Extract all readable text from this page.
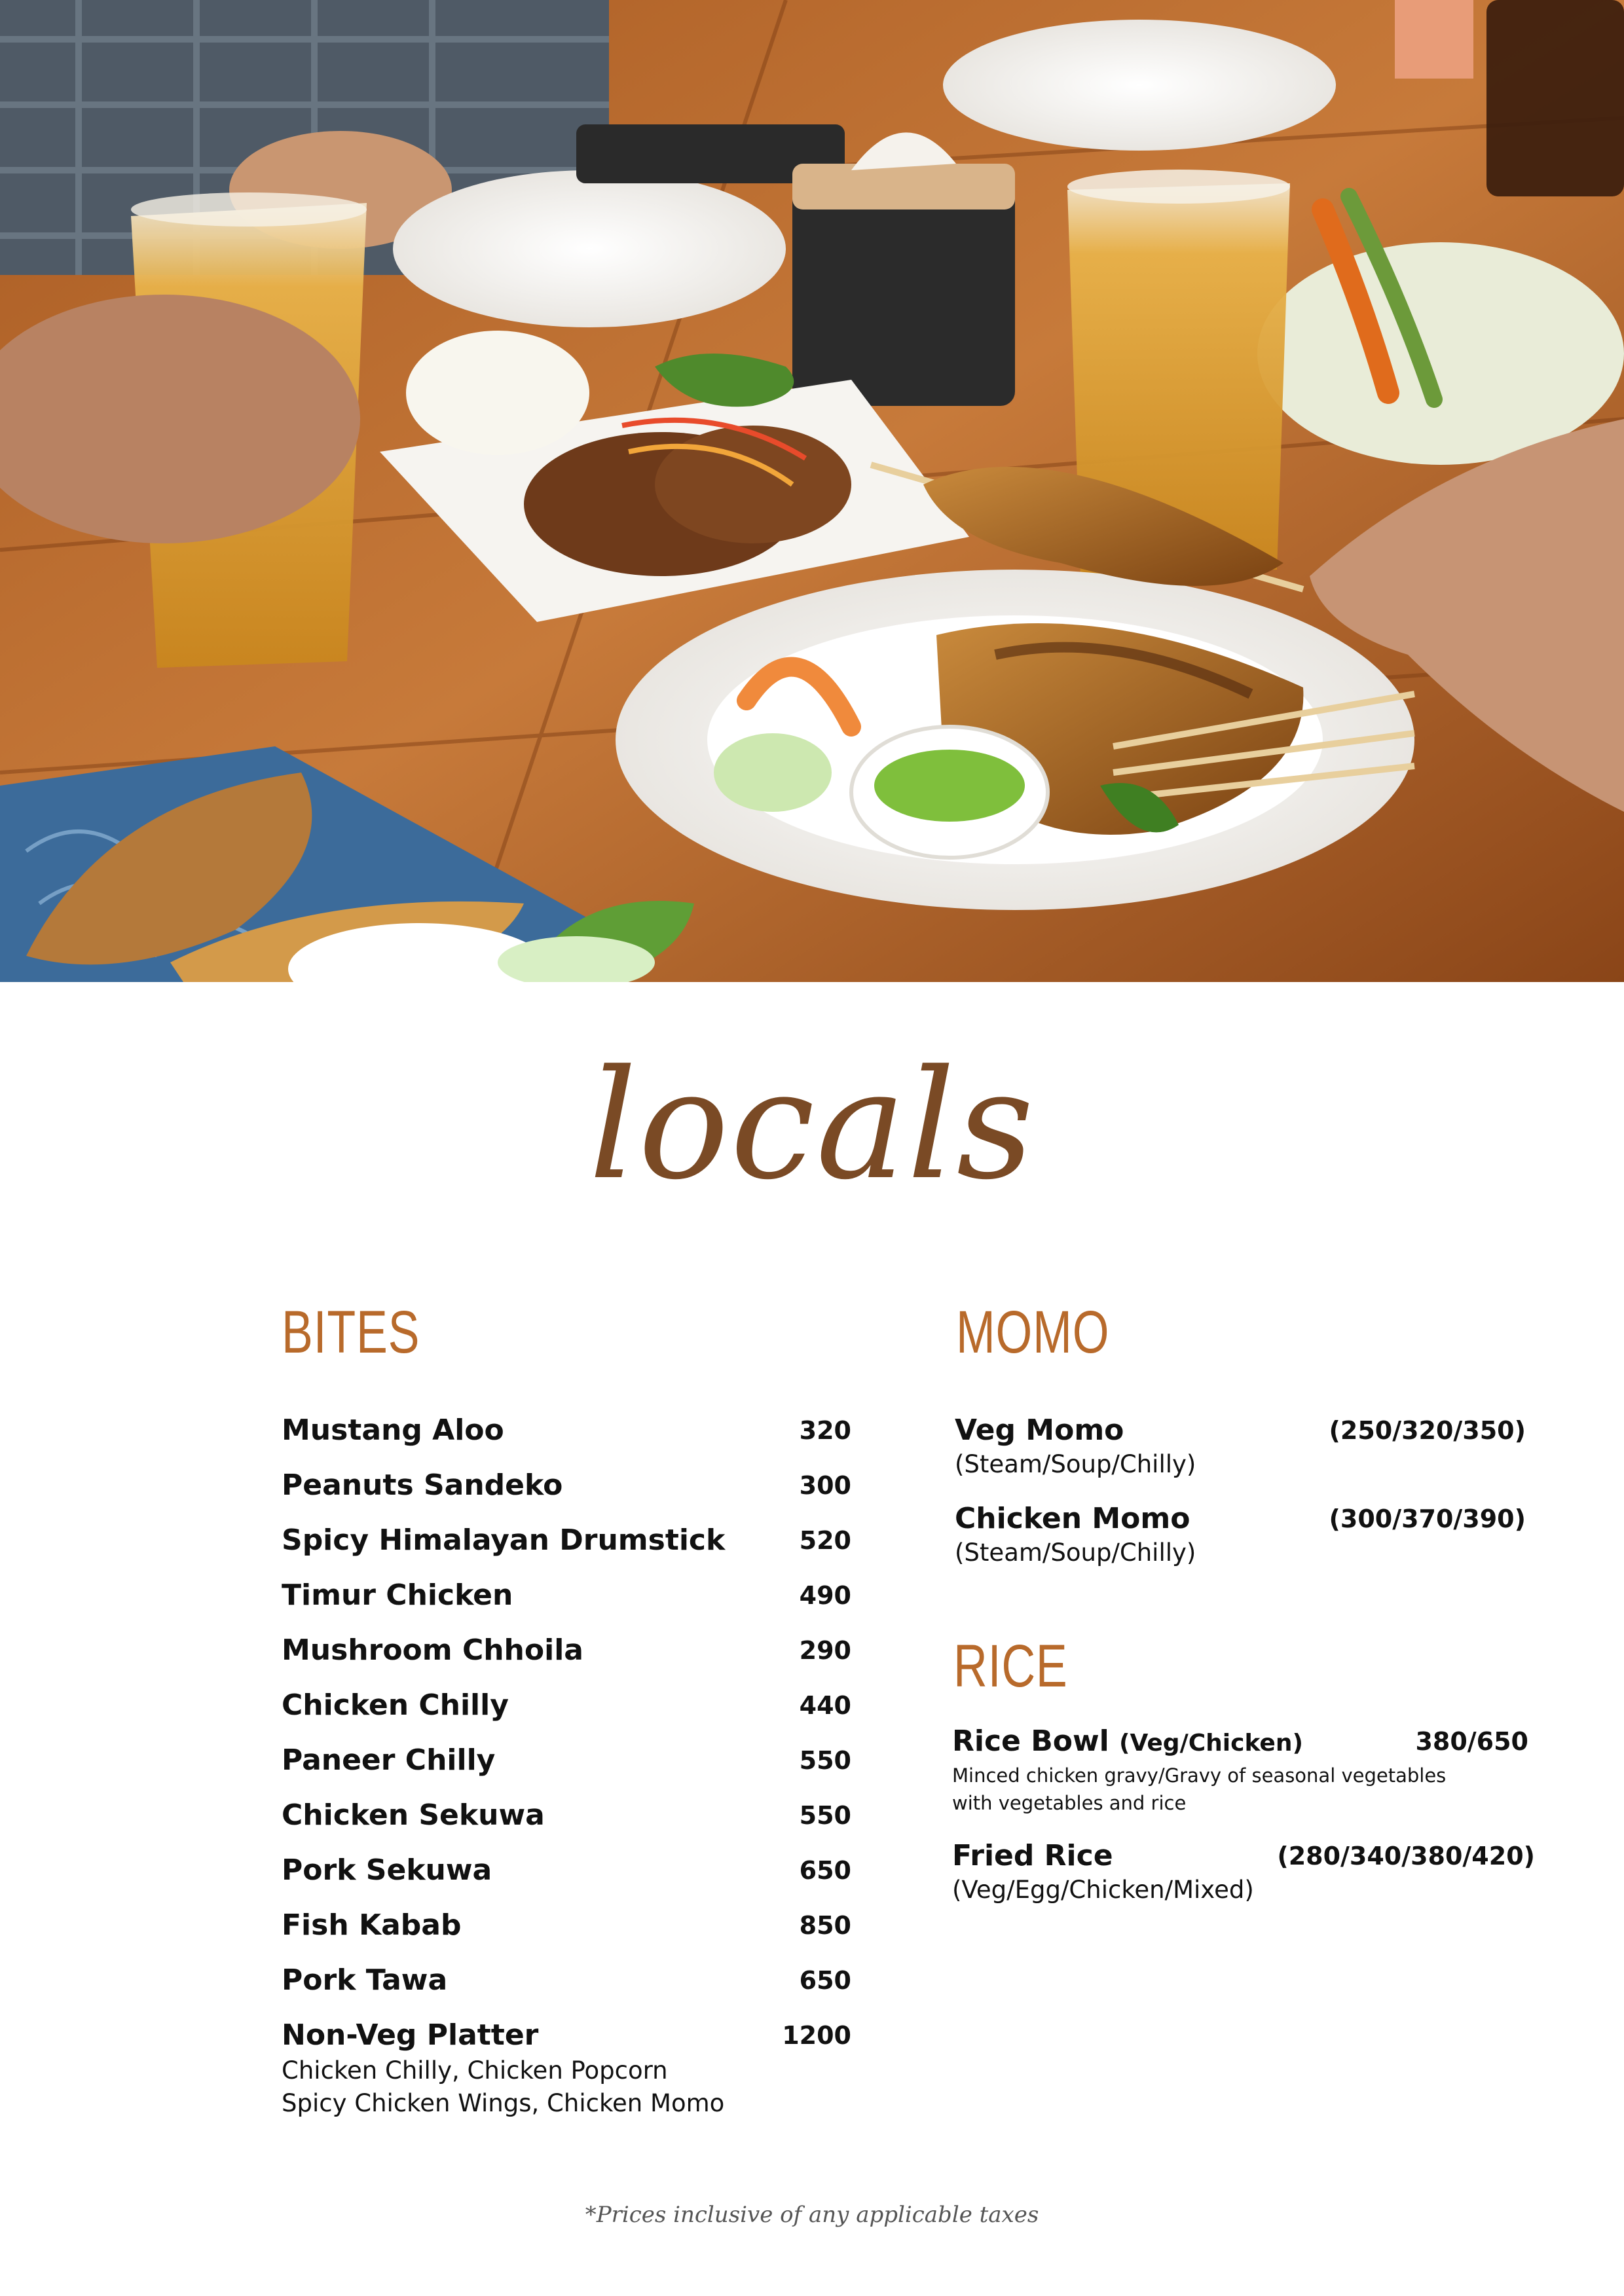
locals
BITES
Mustang Aloo	320
Peanuts Sandeko	300
Spicy Himalayan Drumstick	520
Timur Chicken	490
Mushroom Chhoila	290
Chicken Chilly	440
Paneer Chilly	550
Chicken Sekuwa	550
Pork Sekuwa	650
Fish Kabab	850
Pork Tawa	650
Non-Veg Platter	1200
Chicken Chilly, Chicken Popcorn
Spicy Chicken Wings, Chicken Momo
MOMO
Veg Momo	(250/320/350)
(Steam/Soup/Chilly)
Chicken Momo	(300/370/390)
(Steam/Soup/Chilly)
RICE
Rice Bowl (Veg/Chicken)	380/650
Minced chicken gravy/Gravy of seasonal vegetables
with vegetables and rice
Fried Rice	(280/340/380/420)
(Veg/Egg/Chicken/Mixed)
*Prices inclusive of any applicable taxes
